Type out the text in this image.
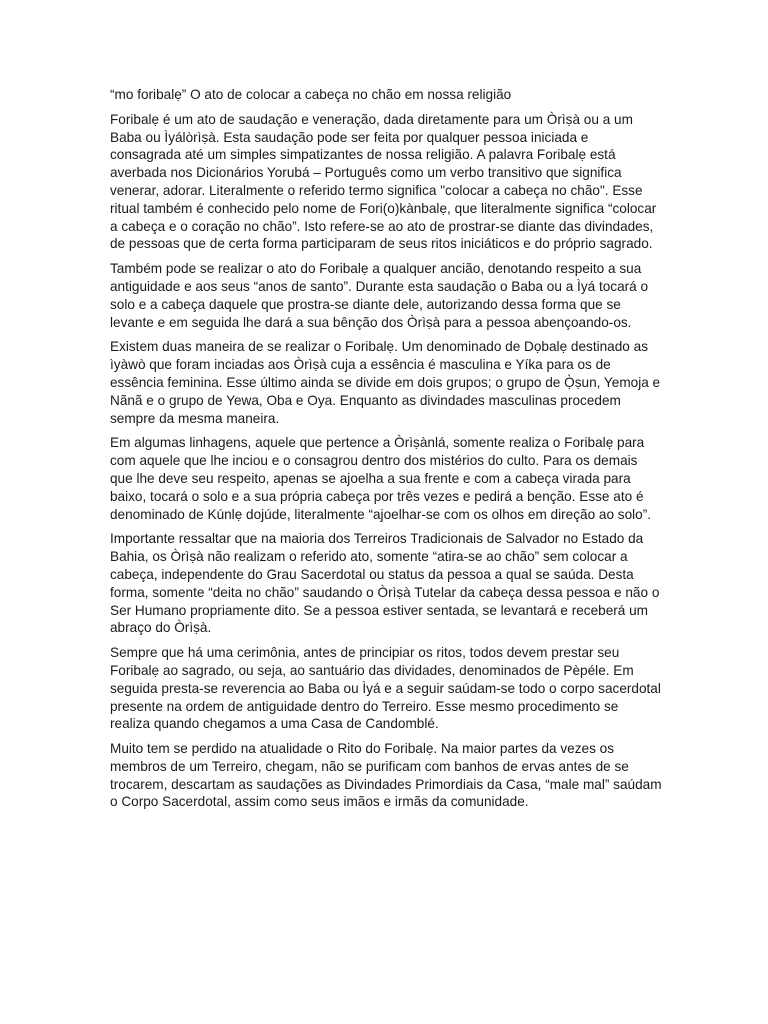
“mo foribalẹ” O ato de colocar a cabeça no chão em nossa religião

Foribalẹ é um ato de saudação e veneração, dada diretamente para um Òrìṣà ou a um Baba ou Ìyálòrìṣà. Esta saudação pode ser feita por qualquer pessoa iniciada e consagrada até um simples simpatizantes de nossa religião. A palavra Foribalẹ está averbada nos Dicionários Yorubá – Português como um verbo transitivo que significa venerar, adorar. Literalmente o referido termo significa "colocar a cabeça no chão". Esse ritual também é conhecido pelo nome de Fori(o)kànbalẹ, que literalmente significa “colocar a cabeça e o coração no chão”. Isto refere-se ao ato de prostrar-se diante das divindades, de pessoas que de certa forma participaram de seus ritos iniciáticos e do próprio sagrado.

Também pode se realizar o ato do Foribalẹ a qualquer ancião, denotando respeito a sua antiguidade e aos seus “anos de santo”. Durante esta saudação o Baba ou a Ìyá tocará o solo e a cabeça daquele que prostra-se diante dele, autorizando dessa forma que se levante e em seguida lhe dará a sua bênção dos Òrìṣà para a pessoa abençoando-os.

Existem duas maneira de se realizar o Foribalẹ. Um denominado de Dọbalẹ destinado as ìyàwò que foram inciadas aos Òrìṣà cuja a essência é masculina e Yíka para os de essência feminina. Esse último ainda se divide em dois grupos; o grupo de Ọ̀ṣun, Yemoja e Nãnã e o grupo de Yewa, Oba e Oya. Enquanto as divindades masculinas procedem sempre da mesma maneira.

Em algumas linhagens, aquele que pertence a Òrìṣànlá, somente realiza o Foribalẹ para com aquele que lhe inciou e o consagrou dentro dos mistérios do culto. Para os demais que lhe deve seu respeito, apenas se ajoelha a sua frente e com a cabeça virada para baixo, tocará o solo e a sua própria cabeça por três vezes e pedirá a benção. Esse ato é denominado de Kúnlẹ dojúde, literalmente “ajoelhar-se com os olhos em direção ao solo”.

Importante ressaltar que na maioria dos Terreiros Tradicionais de Salvador no Estado da Bahia, os Òrìṣà não realizam o referido ato, somente “atira-se ao chão” sem colocar a cabeça, independente do Grau Sacerdotal ou status da pessoa a qual se saúda. Desta forma, somente “deita no chão” saudando o Òrìṣà Tutelar da cabeça dessa pessoa e não o Ser Humano propriamente dito. Se a pessoa estiver sentada, se levantará e receberá um abraço do Òrìṣà.

Sempre que há uma cerimônia, antes de principiar os ritos, todos devem prestar seu Foribalẹ ao sagrado, ou seja, ao santuário das dividades, denominados de Pèpéle. Em seguida presta-se reverencia ao Baba ou Ìyá e a seguir saúdam-se todo o corpo sacerdotal presente na ordem de antiguidade dentro do Terreiro. Esse mesmo procedimento se realiza quando chegamos a uma Casa de Candomblé.

Muito tem se perdido na atualidade o Rito do Foribalẹ. Na maior partes da vezes os membros de um Terreiro, chegam, não se purificam com banhos de ervas antes de se trocarem, descartam as saudações as Divindades Primordiais da Casa, “male mal” saúdam o Corpo Sacerdotal, assim como seus imãos e irmãs da comunidade.
